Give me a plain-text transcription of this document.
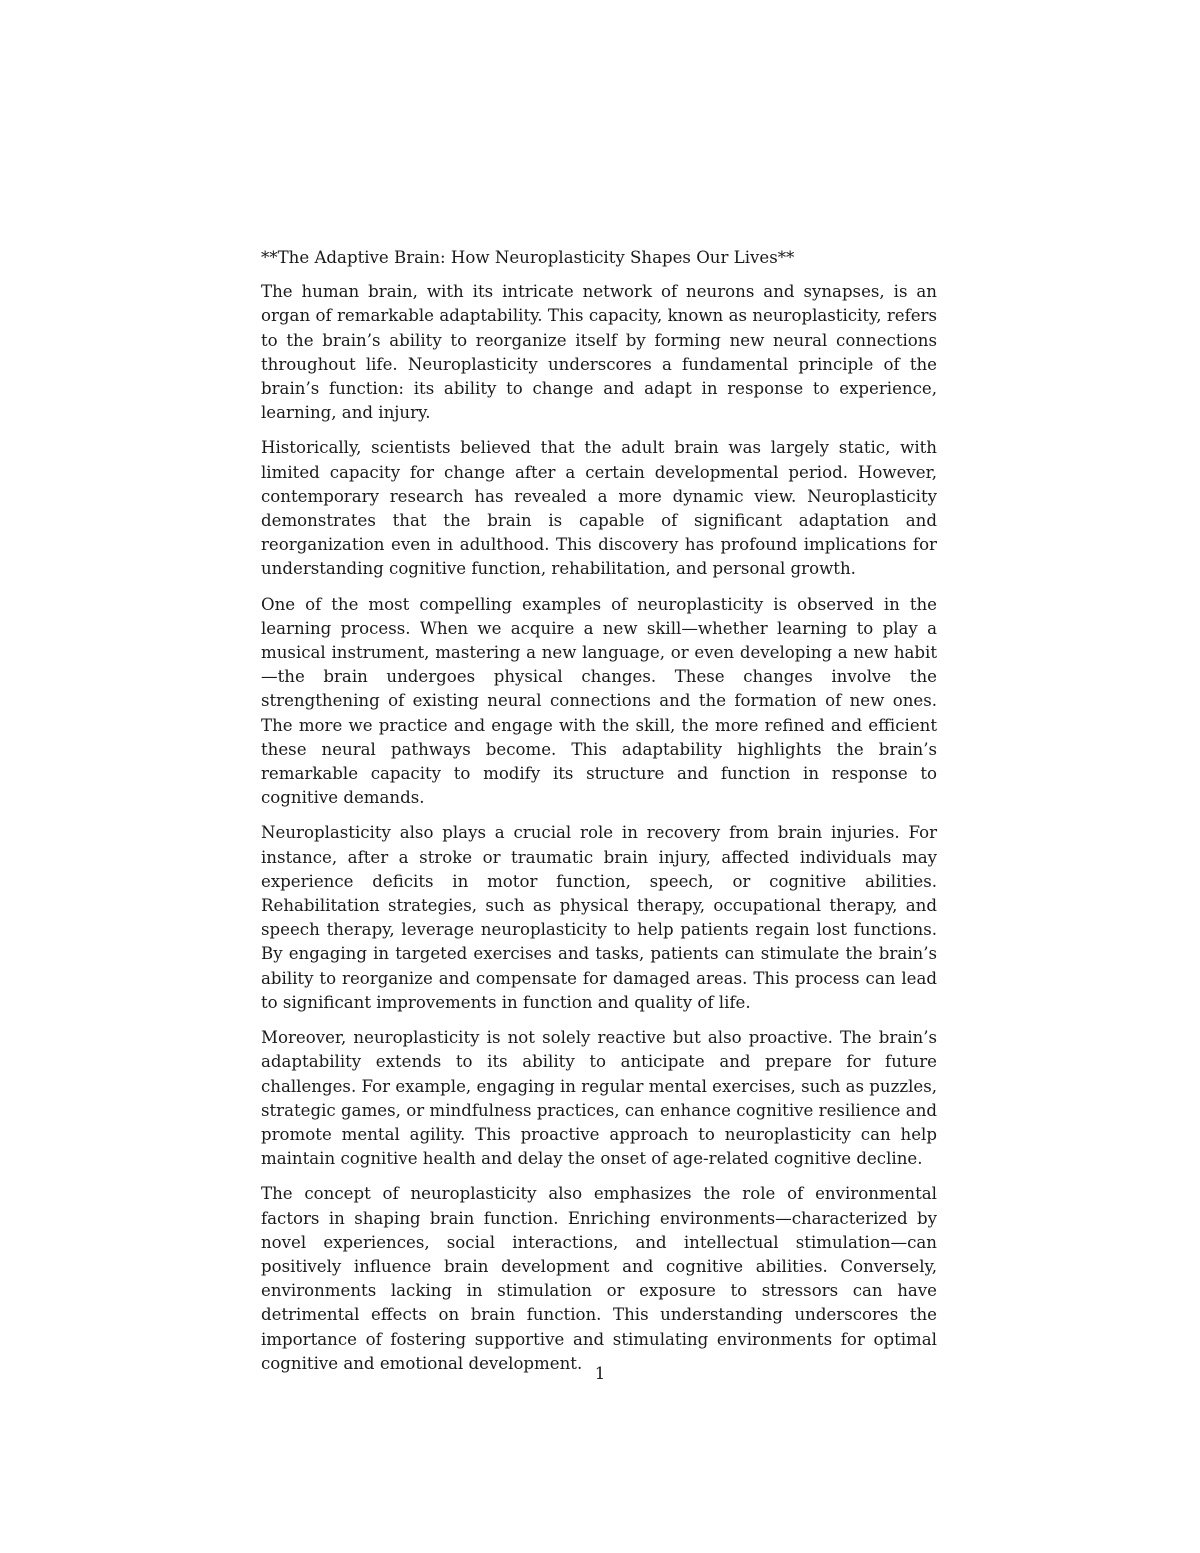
**The Adaptive Brain: How Neuroplasticity Shapes Our Lives**

The human brain, with its intricate network of neurons and synapses, is an organ of remarkable adaptability. This capacity, known as neuroplasticity, refers to the brain’s ability to reorganize itself by forming new neural connections throughout life. Neuroplasticity underscores a fundamental principle of the brain’s function: its ability to change and adapt in response to experience, learning, and injury.

Historically, scientists believed that the adult brain was largely static, with limited capacity for change after a certain developmental period. However, contemporary research has revealed a more dynamic view. Neuroplasticity demonstrates that the brain is capable of significant adaptation and reorganization even in adulthood. This discovery has profound implications for understanding cognitive function, rehabilitation, and personal growth.

One of the most compelling examples of neuroplasticity is observed in the learning process. When we acquire a new skill—whether learning to play a musical instrument, mastering a new language, or even developing a new habit—the brain undergoes physical changes. These changes involve the strengthening of existing neural connections and the formation of new ones. The more we practice and engage with the skill, the more refined and efficient these neural pathways become. This adaptability highlights the brain’s remarkable capacity to modify its structure and function in response to cognitive demands.

Neuroplasticity also plays a crucial role in recovery from brain injuries. For instance, after a stroke or traumatic brain injury, affected individuals may experience deficits in motor function, speech, or cognitive abilities. Rehabilitation strategies, such as physical therapy, occupational therapy, and speech therapy, leverage neuroplasticity to help patients regain lost functions. By engaging in targeted exercises and tasks, patients can stimulate the brain’s ability to reorganize and compensate for damaged areas. This process can lead to significant improvements in function and quality of life.

Moreover, neuroplasticity is not solely reactive but also proactive. The brain’s adaptability extends to its ability to anticipate and prepare for future challenges. For example, engaging in regular mental exercises, such as puzzles, strategic games, or mindfulness practices, can enhance cognitive resilience and promote mental agility. This proactive approach to neuroplasticity can help maintain cognitive health and delay the onset of age-related cognitive decline.

The concept of neuroplasticity also emphasizes the role of environmental factors in shaping brain function. Enriching environments—characterized by novel experiences, social interactions, and intellectual stimulation—can positively influence brain development and cognitive abilities. Conversely, environments lacking in stimulation or exposure to stressors can have detrimental effects on brain function. This understanding underscores the importance of fostering supportive and stimulating environments for optimal cognitive and emotional development.

1
